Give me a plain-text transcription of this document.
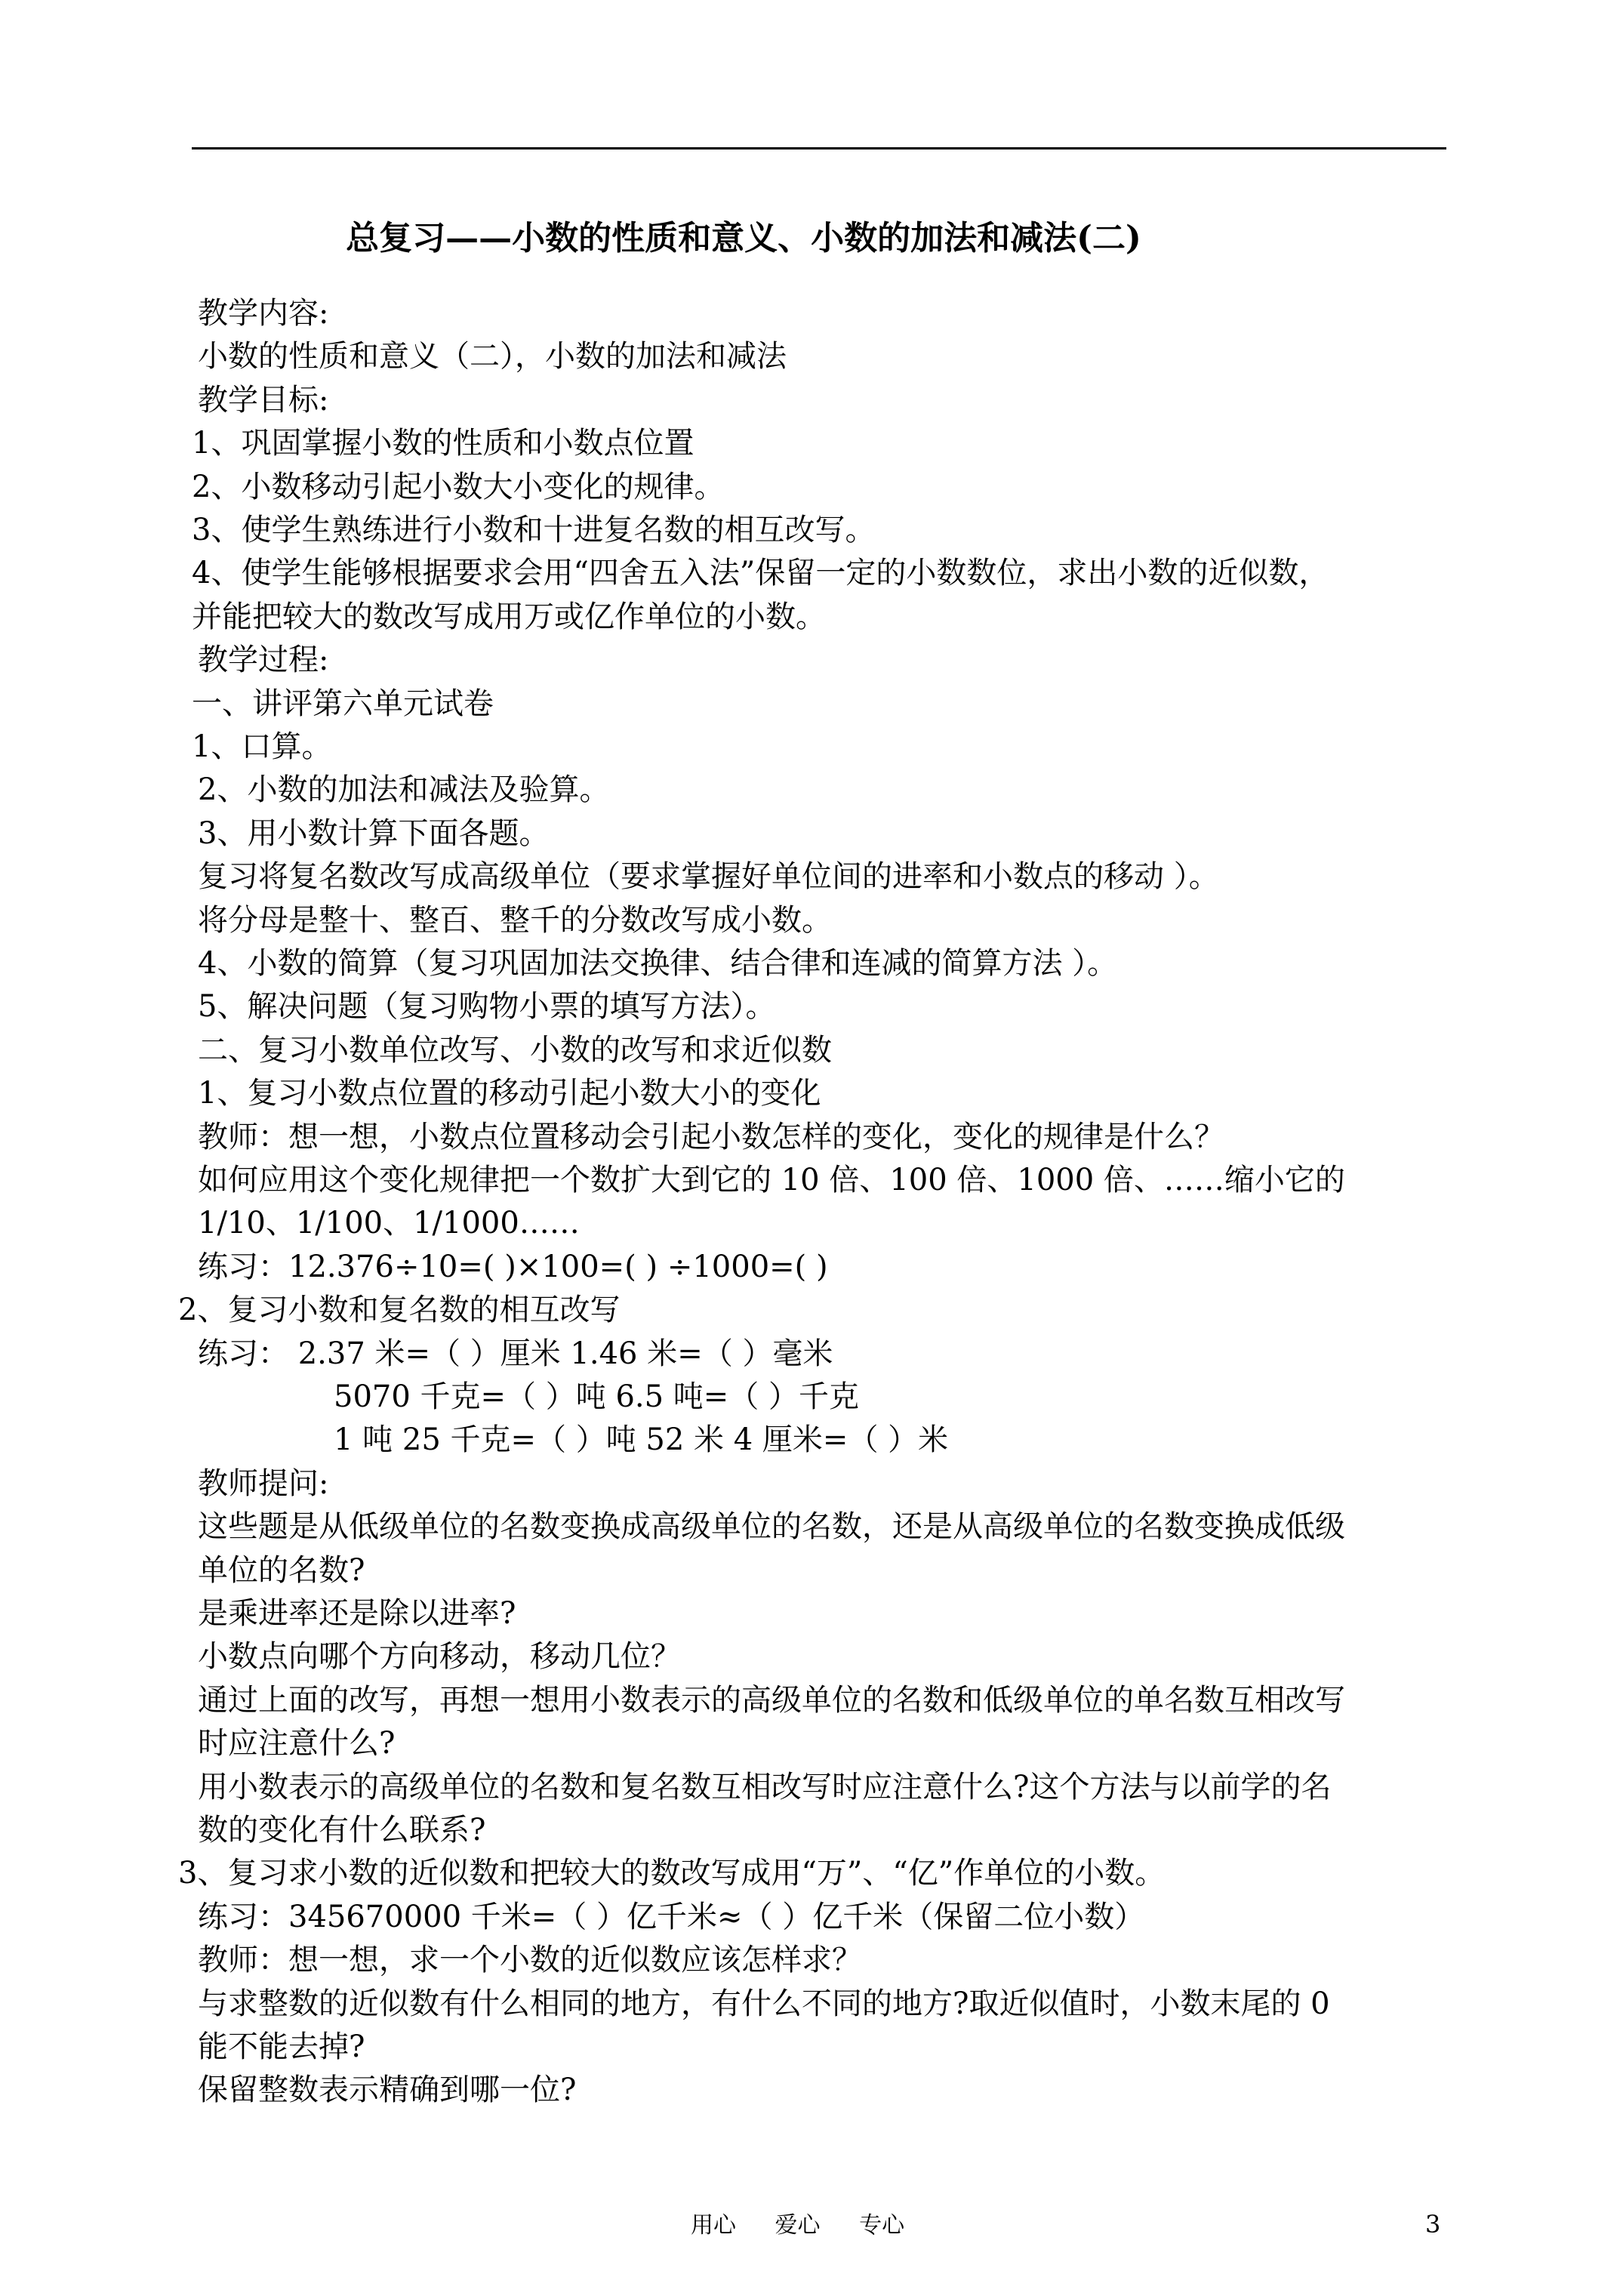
总复习——小数的性质和意义、小数的加法和减法(二)
教学内容:
小数的性质和意义（二），小数的加法和减法
教学目标:
1、巩固掌握小数的性质和小数点位置
2、小数移动引起小数大小变化的规律。
3、使学生熟练进行小数和十进复名数的相互改写。
4、使学生能够根据要求会用“四舍五入法”保留一定的小数数位，求出小数的近似数，
并能把较大的数改写成用万或亿作单位的小数。
教学过程:
一、讲评第六单元试卷
1、口算。
2、小数的加法和减法及验算。
3、用小数计算下面各题。
复习将复名数改写成高级单位（要求掌握好单位间的进率和小数点的移动 ）。
将分母是整十、整百、整千的分数改写成小数。
4、小数的简算（复习巩固加法交换律、结合律和连减的简算方法 ）。
5、解决问题（复习购物小票的填写方法）。
二、复习小数单位改写、小数的改写和求近似数
1、复习小数点位置的移动引起小数大小的变化
教师：想一想，小数点位置移动会引起小数怎样的变化，变化的规律是什么？
如何应用这个变化规律把一个数扩大到它的 10 倍、100 倍、1000 倍、……缩小它的
1/10、1/100、1/1000……
练习：12.376÷10=( )×100=( ) ÷1000=( )
2、复习小数和复名数的相互改写
练习： 2.37 米=（ ）厘米 1.46 米=（ ）毫米
5070 千克=（ ）吨 6.5 吨=（ ）千克
1 吨 25 千克=（ ）吨 52 米 4 厘米=（ ）米
教师提问:
这些题是从低级单位的名数变换成高级单位的名数，还是从高级单位的名数变换成低级
单位的名数?
是乘进率还是除以进率?
小数点向哪个方向移动，移动几位？
通过上面的改写，再想一想用小数表示的高级单位的名数和低级单位的单名数互相改写
时应注意什么?
用小数表示的高级单位的名数和复名数互相改写时应注意什么?这个方法与以前学的名
数的变化有什么联系?
3、复习求小数的近似数和把较大的数改写成用“万”、“亿”作单位的小数。
练习：345670000 千米=（ ）亿千米≈（ ）亿千米（保留二位小数）
教师：想一想，求一个小数的近似数应该怎样求？
与求整数的近似数有什么相同的地方，有什么不同的地方?取近似值时，小数末尾的 0
能不能去掉?
保留整数表示精确到哪一位?
用心 爱心 专心	3
